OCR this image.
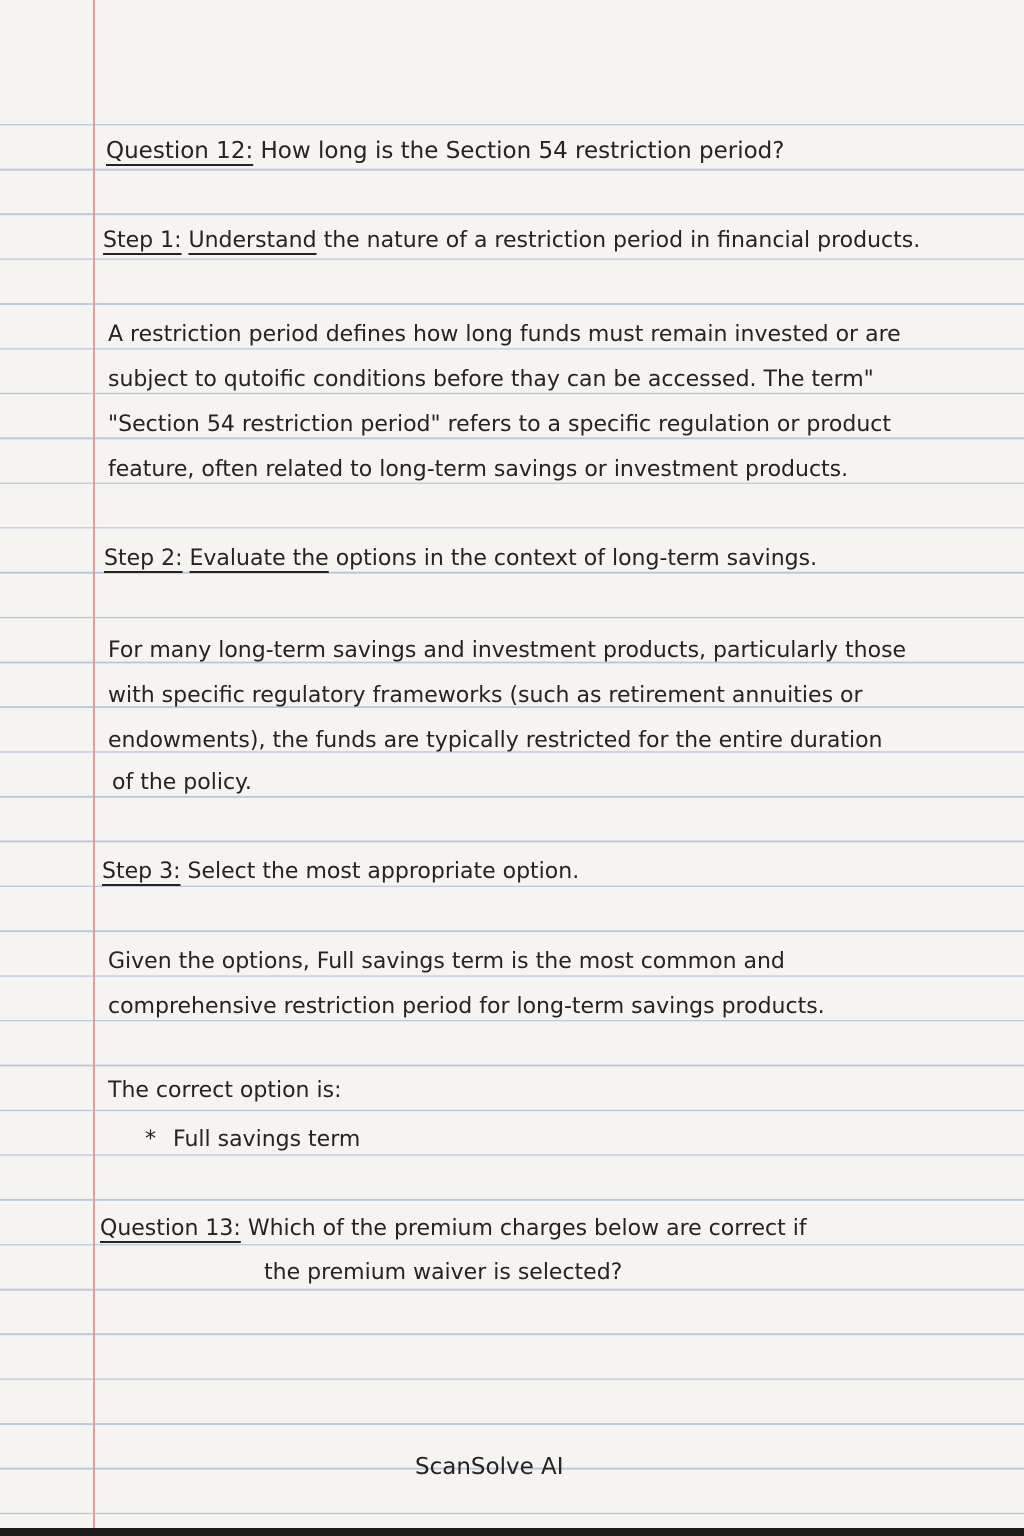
Question 12: How long is the Section 54 restriction period?
Step 1: Understand the nature of a restriction period in financial products.
A restriction period defines how long funds must remain invested or are
subject to qutoific conditions before thay can be accessed. The term"
"Section 54 restriction period" refers to a specific regulation or product
feature, often related to long-term savings or investment products.
Step 2: Evaluate the options in the context of long-term savings.
For many long-term savings and investment products, particularly those
with specific regulatory frameworks (such as retirement annuities or
endowments), the funds are typically restricted for the entire duration
of the policy.
Step 3: Select the most appropriate option.
Given the options, Full savings term is the most common and
comprehensive restriction period for long-term savings products.
The correct option is:
* Full savings term
Question 13: Which of the premium charges below are correct if
the premium waiver is selected?
ScanSolve AI
